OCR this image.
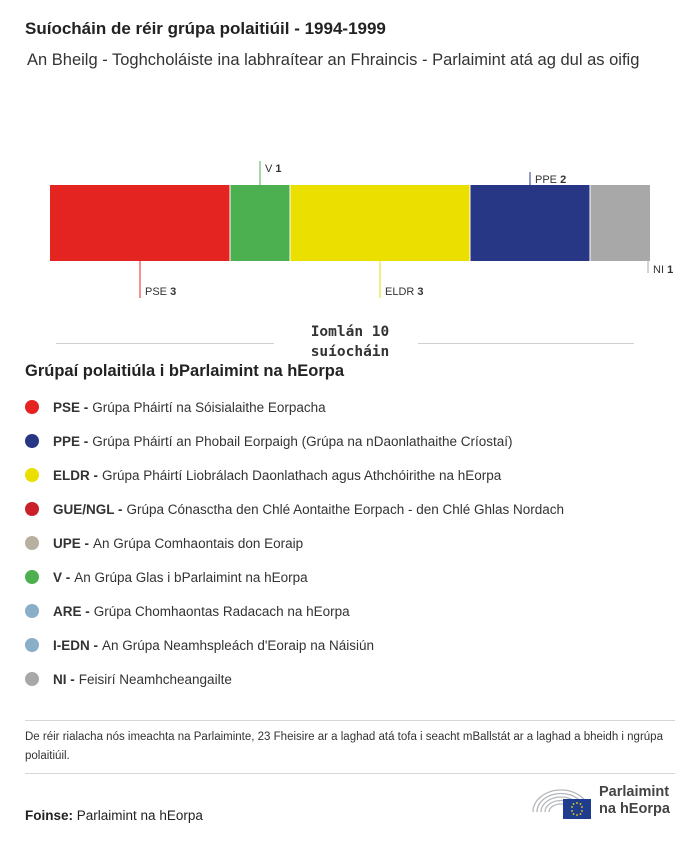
Suíocháin de réir grúpa polaitiúil - 1994-1999
An Bheilg - Toghcholáiste ina labhraítear an Fhraincis - Parlaimint atá ag dul as oifig
PSE 3
V 1
ELDR 3
PPE 2
NI 1
Iomlán 10 suíocháin
Grúpaí polaitiúla i bParlaimint na hEorpa
PSE - Grúpa Pháirtí na Sóisialaithe Eorpacha
PPE - Grúpa Pháirtí an Phobail Eorpaigh (Grúpa na nDaonlathaithe Críostaí)
ELDR - Grúpa Pháirtí Liobrálach Daonlathach agus Athchóirithe na hEorpa
GUE/NGL - Grúpa Cónasctha den Chlé Aontaithe Eorpach - den Chlé Ghlas Nordach
UPE - An Grúpa Comhaontais don Eoraip
V - An Grúpa Glas i bParlaimint na hEorpa
ARE - Grúpa Chomhaontas Radacach na hEorpa
I-EDN - An Grúpa Neamhspleách d'Eoraip na Náisiún
NI - Feisirí Neamhcheangailte
De réir rialacha nós imeachta na Parlaiminte, 23 Fheisire ar a laghad atá tofa i seacht mBallstát ar a laghad a bheidh i ngrúpa polaitiúil.
Foinse: Parlaimint na hEorpa
Parlaimint
na hEorpa
